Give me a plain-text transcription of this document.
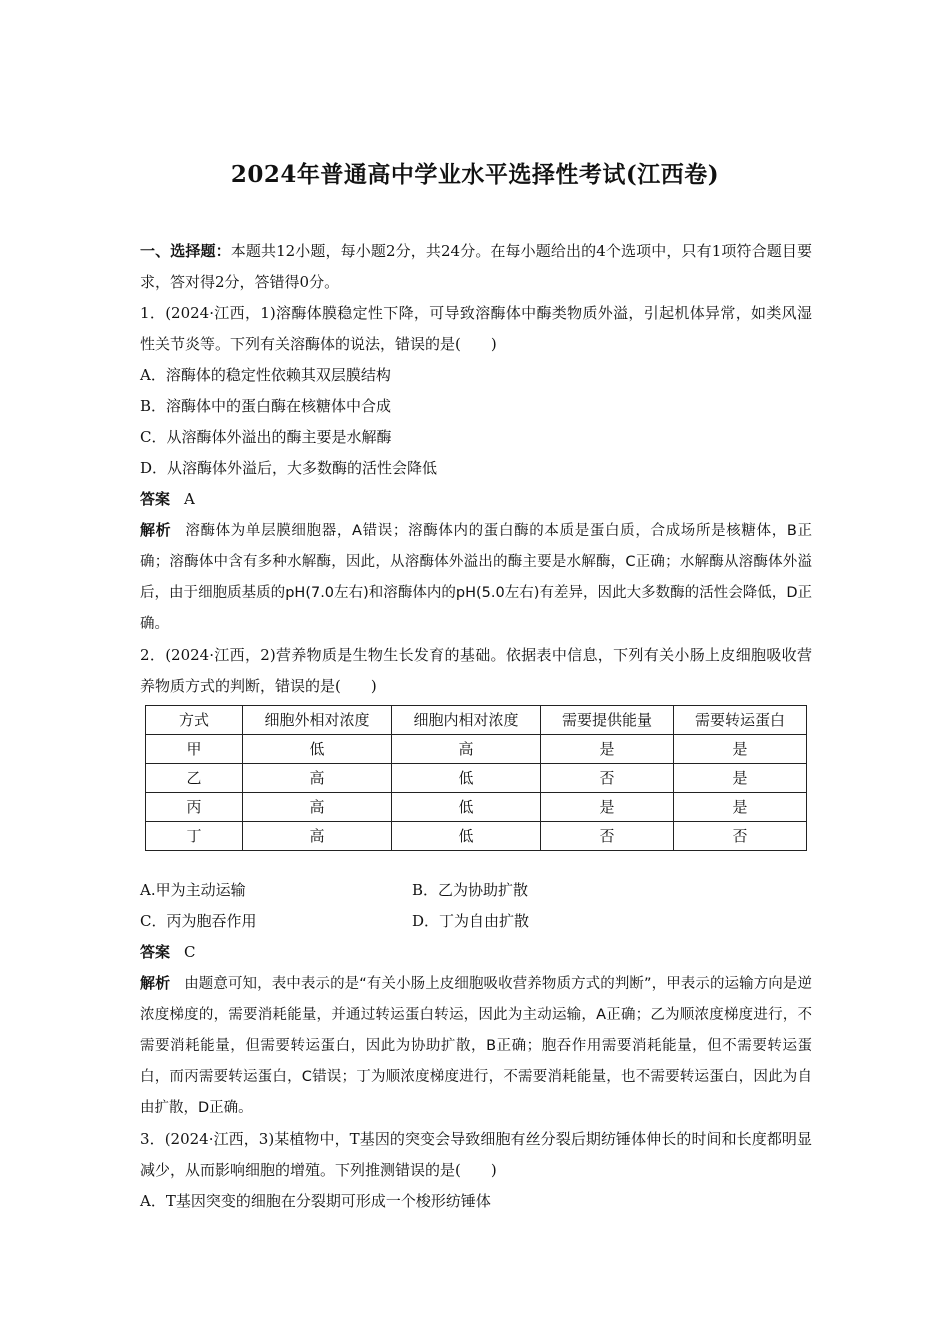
2024年普通高中学业水平选择性考试(江西卷)

一、选择题：本题共12小题，每小题2分，共24分。在每小题给出的4个选项中，只有1项符合题目要求，答对得2分，答错得0分。

1．(2024·江西，1)溶酶体膜稳定性下降，可导致溶酶体中酶类物质外溢，引起机体异常，如类风湿性关节炎等。下列有关溶酶体的说法，错误的是(　　)

A．溶酶体的稳定性依赖其双层膜结构

B．溶酶体中的蛋白酶在核糖体中合成

C．从溶酶体外溢出的酶主要是水解酶

D．从溶酶体外溢后，大多数酶的活性会降低

答案 A

解析 溶酶体为单层膜细胞器，A错误；溶酶体内的蛋白酶的本质是蛋白质，合成场所是核糖体，B正确；溶酶体中含有多种水解酶，因此，从溶酶体外溢出的酶主要是水解酶，C正确；水解酶从溶酶体外溢后，由于细胞质基质的pH(7.0左右)和溶酶体内的pH(5.0左右)有差异，因此大多数酶的活性会降低，D正确。

2．(2024·江西，2)营养物质是生物生长发育的基础。依据表中信息，下列有关小肠上皮细胞吸收营养物质方式的判断，错误的是(　　)

方式	细胞外相对浓度	细胞内相对浓度	需要提供能量	需要转运蛋白
甲	低	高	是	是
乙	高	低	否	是
丙	高	低	是	是
丁	高	低	否	否
A.甲为主动运输	B．乙为协助扩散
C．丙为胞吞作用	D．丁为自由扩散

答案 C

解析 由题意可知，表中表示的是“有关小肠上皮细胞吸收营养物质方式的判断”，甲表示的运输方向是逆浓度梯度的，需要消耗能量，并通过转运蛋白转运，因此为主动运输，A正确；乙为顺浓度梯度进行，不需要消耗能量，但需要转运蛋白，因此为协助扩散，B正确；胞吞作用需要消耗能量，但不需要转运蛋白，而丙需要转运蛋白，C错误；丁为顺浓度梯度进行，不需要消耗能量，也不需要转运蛋白，因此为自由扩散，D正确。

3．(2024·江西，3)某植物中，T基因的突变会导致细胞有丝分裂后期纺锤体伸长的时间和长度都明显减少，从而影响细胞的增殖。下列推测错误的是(　　)

A．T基因突变的细胞在分裂期可形成一个梭形纺锤体
